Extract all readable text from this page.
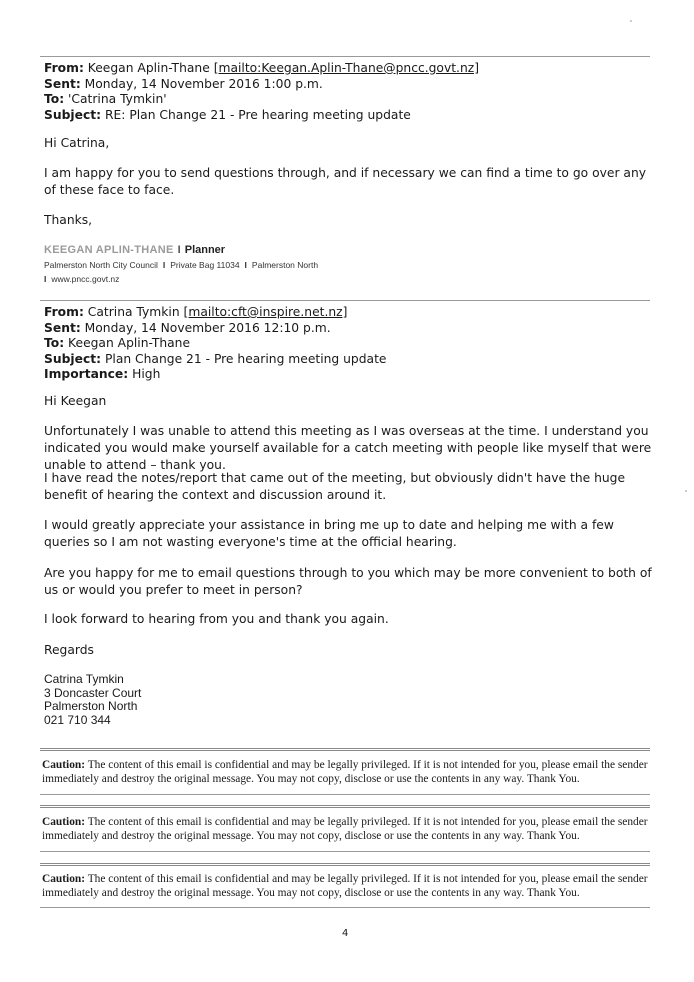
From: Keegan Aplin-Thane [mailto:Keegan.Aplin-Thane@pncc.govt.nz]
Sent: Monday, 14 November 2016 1:00 p.m.
To: 'Catrina Tymkin'
Subject: RE: Plan Change 21 - Pre hearing meeting update
Hi Catrina,
I am happy for you to send questions through, and if necessary we can find a time to go over any of these face to face.
Thanks,
KEEGAN APLIN-THANE I Planner
Palmerston North City Council I Private Bag 11034 I Palmerston North
I www.pncc.govt.nz
From: Catrina Tymkin [mailto:cft@inspire.net.nz]
Sent: Monday, 14 November 2016 12:10 p.m.
To: Keegan Aplin-Thane
Subject: Plan Change 21 - Pre hearing meeting update
Importance: High
Hi Keegan
Unfortunately I was unable to attend this meeting as I was overseas at the time. I understand you indicated you would make yourself available for a catch meeting with people like myself that were unable to attend – thank you.
I have read the notes/report that came out of the meeting, but obviously didn't have the huge benefit of hearing the context and discussion around it.
I would greatly appreciate your assistance in bring me up to date and helping me with a few queries so I am not wasting everyone's time at the official hearing.
Are you happy for me to email questions through to you which may be more convenient to both of us or would you prefer to meet in person?
I look forward to hearing from you and thank you again.
Regards
Catrina Tymkin
3 Doncaster Court
Palmerston North
021 710 344
Caution: The content of this email is confidential and may be legally privileged. If it is not intended for you, please email the sender immediately and destroy the original message. You may not copy, disclose or use the contents in any way. Thank You.
Caution: The content of this email is confidential and may be legally privileged. If it is not intended for you, please email the sender immediately and destroy the original message. You may not copy, disclose or use the contents in any way. Thank You.
Caution: The content of this email is confidential and may be legally privileged. If it is not intended for you, please email the sender immediately and destroy the original message. You may not copy, disclose or use the contents in any way. Thank You.
4
